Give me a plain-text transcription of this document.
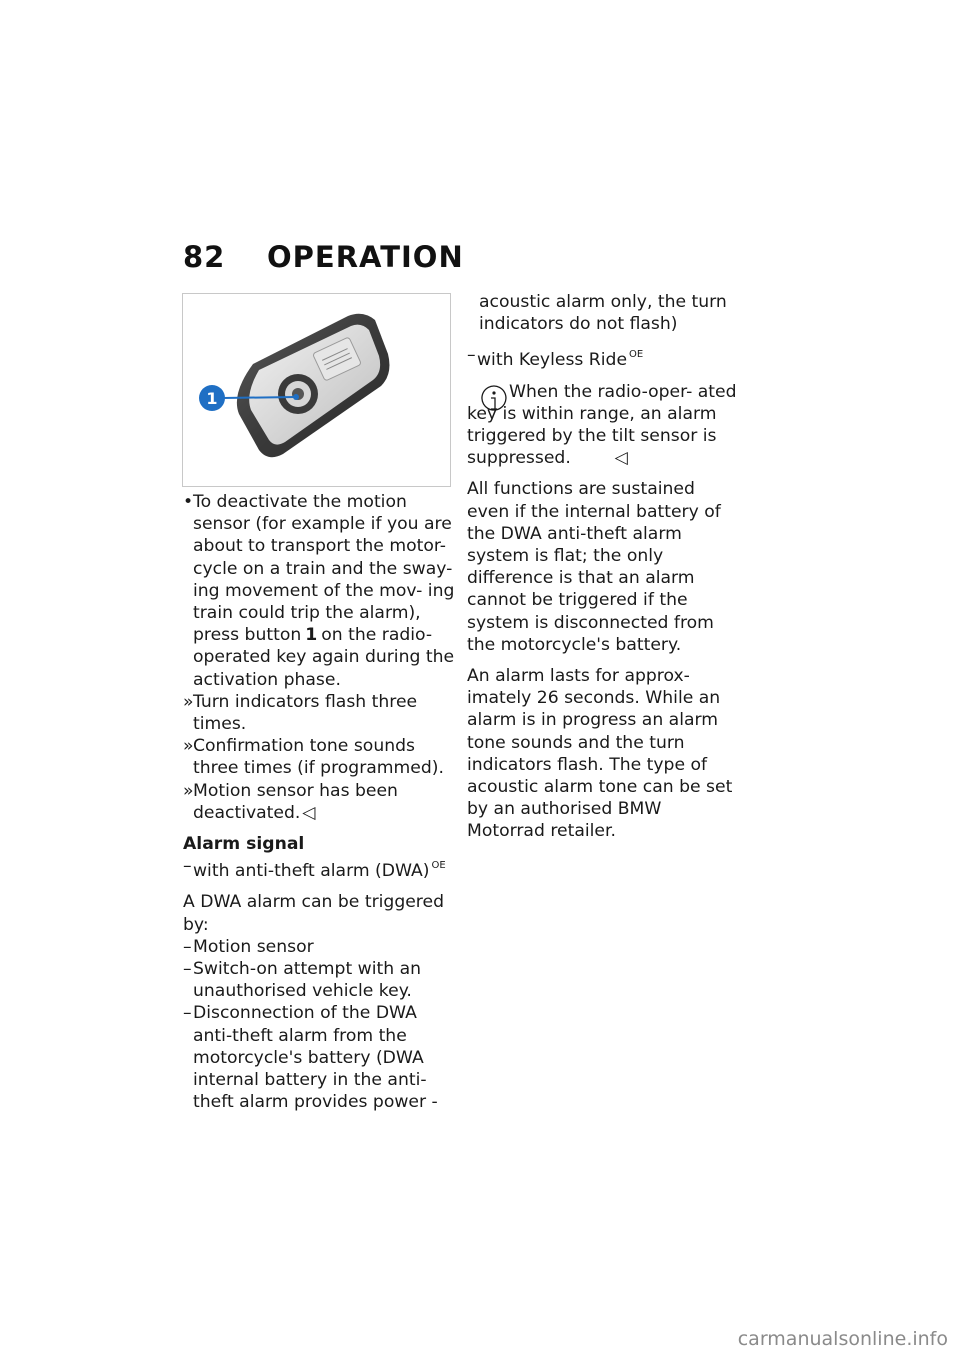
82 OPERATION
1
• To deactivate the motion sensor (for example if you are about to transport the motor- cycle on a train and the sway- ing movement of the mov- ing train could trip the alarm), press button 1 on the radio- operated key again during the activation phase.
» Turn indicators flash three times.
» Confirmation tone sounds three times (if programmed).
» Motion sensor has been deactivated. ◁
Alarm signal
– with anti-theft alarm (DWA) $^{OE}$
A DWA alarm can be triggered by:
– Motion sensor
– Switch-on attempt with an unauthorised vehicle key.
– Disconnection of the DWA anti-theft alarm from the motorcycle's battery (DWA internal battery in the anti- theft alarm provides power -
acoustic alarm only, the turn indicators do not flash)
– with Keyless Ride $^{OE}$
When the radio-oper- ated key is within range, an alarm triggered by the tilt sensor is suppressed.	◁
All functions are sustained even if the internal battery of the DWA anti-theft alarm system is flat; the only difference is that an alarm cannot be triggered if the system is disconnected from the motorcycle's battery.
An alarm lasts for approx- imately 26 seconds. While an alarm is in progress an alarm tone sounds and the turn indicators flash. The type of acoustic alarm tone can be set by an authorised BMW Motorrad retailer.
carmanualsonline.info
